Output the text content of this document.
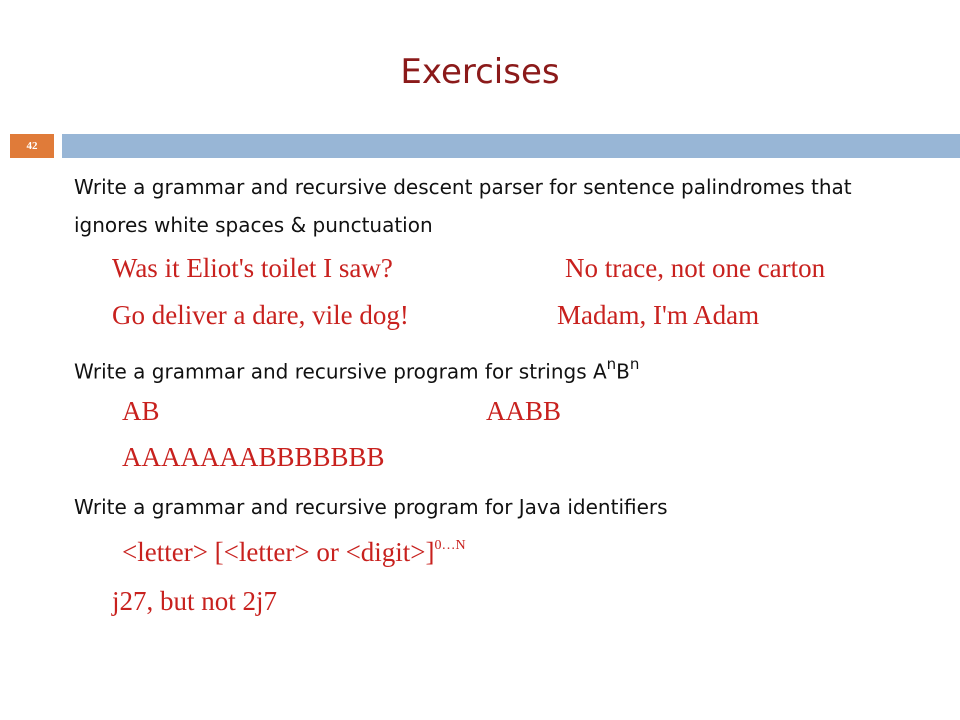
Exercises
42
Write a grammar and recursive descent parser for sentence palindromes that ignores white spaces & punctuation
Was it Eliot's toilet I saw?	No trace, not one carton
Go deliver a dare, vile dog!	Madam, I'm Adam
Write a grammar and recursive program for strings $A^nB^n$
AB	AABB
AAAAAAABBBBBBB
Write a grammar and recursive program for Java identifiers
<letter> [<letter> or <digit>]$^{0\dots N}$
j27, but not 2j7
